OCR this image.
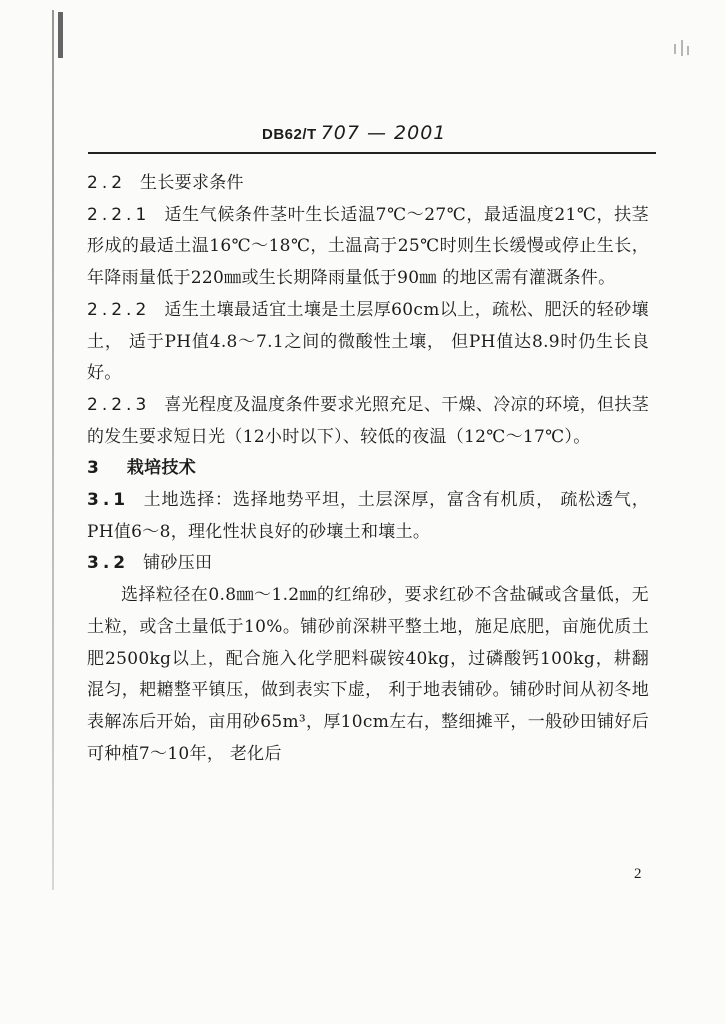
DB62/T 707 — 2001

2.2 生长要求条件

2.2.1 适生气候条件茎叶生长适温7℃～27℃，最适温度21℃，扶茎形成的最适土温16℃～18℃，土温高于25℃时则生长缓慢或停止生长，年降雨量低于220㎜或生长期降雨量低于90㎜ 的地区需有灌溉条件。

2.2.2 适生土壤最适宜土壤是土层厚60cm以上，疏松、肥沃的轻砂壤土， 适于PH值4.8～7.1之间的微酸性土壤， 但PH值达8.9时仍生长良好。

2.2.3 喜光程度及温度条件要求光照充足、干燥、冷凉的环境，但扶茎的发生要求短日光（12小时以下）、较低的夜温（12℃～17℃）。

3 栽培技术

3.1 土地选择：选择地势平坦，土层深厚，富含有机质， 疏松透气，PH值6～8，理化性状良好的砂壤土和壤土。

3.2 铺砂压田

选择粒径在0.8㎜～1.2㎜的红绵砂，要求红砂不含盐碱或含量低，无土粒，或含土量低于10%。铺砂前深耕平整土地，施足底肥，亩施优质土肥2500kg以上，配合施入化学肥料碳铵40kg，过磷酸钙100kg，耕翻混匀，耙耱整平镇压，做到表实下虚， 利于地表铺砂。铺砂时间从初冬地表解冻后开始，亩用砂65m³，厚10cm左右，整细摊平，一般砂田铺好后可种植7～10年， 老化后

2
